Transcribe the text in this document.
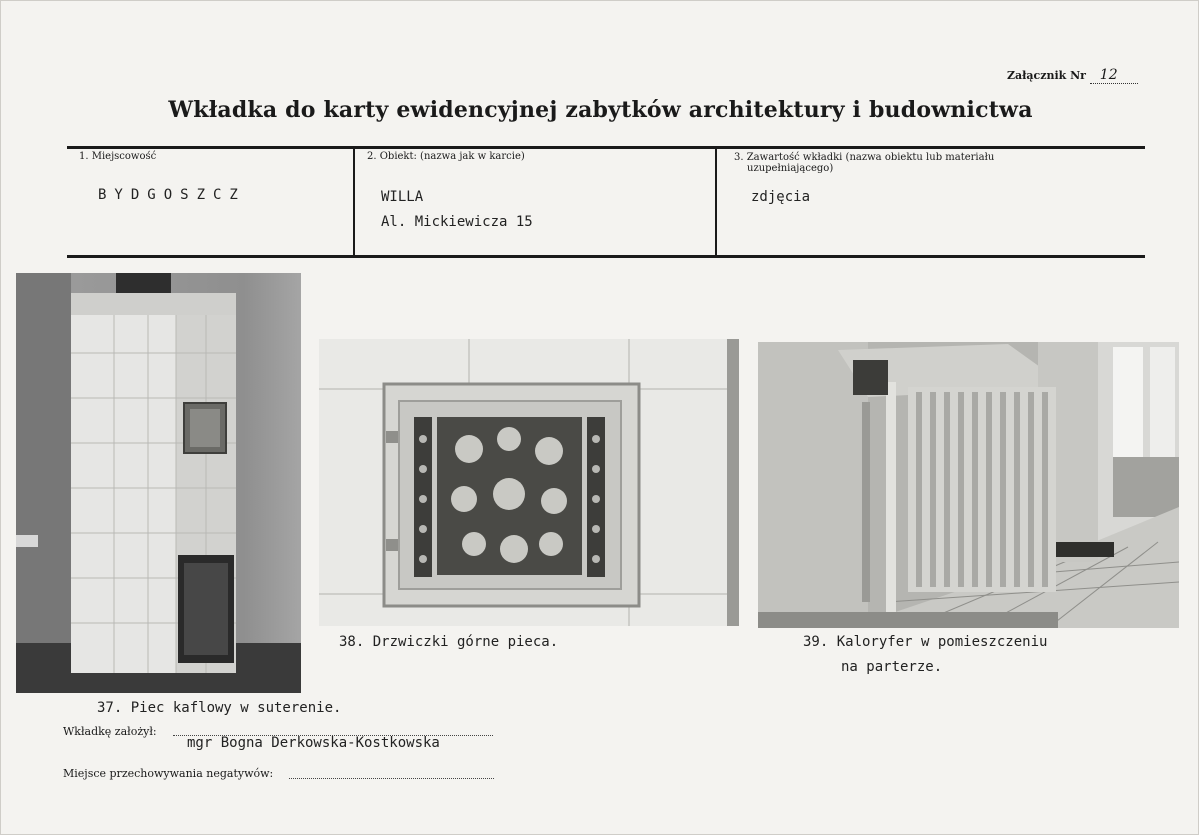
Załącznik Nr 12
Wkładka do karty ewidencyjnej zabytków architektury i budownictwa
1. Miejscowość
BYDGOSZCZ
2. Obiekt: (nazwa jak w karcie)
WILLA
Al. Mickiewicza 15
3. Zawartość wkładki (nazwa obiektu lub materiału
uzupełniającego)
zdjęcia
37. Piec kaflowy w suterenie.
38. Drzwiczki górne pieca.	39. Kaloryfer w pomieszczeniu
na parterze.
Wkładkę założył:
mgr Bogna Derkowska-Kostkowska
Miejsce przechowywania negatywów:
